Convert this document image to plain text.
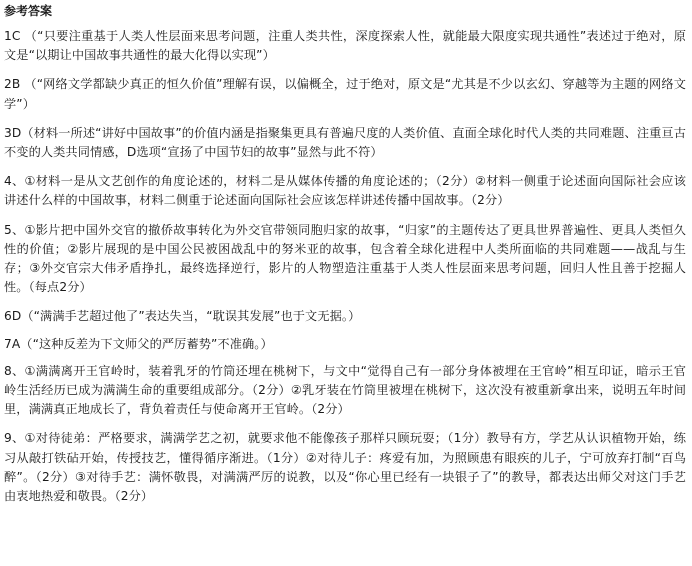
参考答案

1C （“只要注重基于人类人性层面来思考问题，注重人类共性，深度探索人性，就能最大限度实现共通性”表述过于绝对，原文是“以期让中国故事共通性的最大化得以实现”）

2B （“网络文学都缺少真正的恒久价值”理解有误，以偏概全，过于绝对，原文是“尤其是不少以玄幻、穿越等为主题的网络文学”）

3D（材料一所述“讲好中国故事”的价值内涵是指聚集更具有普遍尺度的人类价值、直面全球化时代人类的共同难题、注重亘古不变的人类共同情感，D选项“宣扬了中国节妇的故事”显然与此不符）

4、①材料一是从文艺创作的角度论述的，材料二是从媒体传播的角度论述的；（2分）②材料一侧重于论述面向国际社会应该讲述什么样的中国故事，材料二侧重于论述面向国际社会应该怎样讲述传播中国故事。（2分）

5、①影片把中国外交官的撤侨故事转化为外交官带领同胞归家的故事，“归家”的主题传达了更具世界普遍性、更具人类恒久性的价值；②影片展现的是中国公民被困战乱中的努米亚的故事，包含着全球化进程中人类所面临的共同难题——战乱与生存；③外交官宗大伟矛盾挣扎，最终选择逆行，影片的人物塑造注重基于人类人性层面来思考问题，回归人性且善于挖掘人性。（每点2分）

6D（“满满手艺超过他了”表达失当，“耽误其发展”也于文无据。）

7A（“这种反差为下文师父的严厉蓄势”不准确。）

8、①满满离开王官岭时，装着乳牙的竹筒还埋在桃树下，与文中“觉得自己有一部分身体被埋在王官岭”相互印证，暗示王官岭生活经历已成为满满生命的重要组成部分。（2分）②乳牙装在竹筒里被埋在桃树下，这次没有被重新拿出来，说明五年时间里，满满真正地成长了，背负着责任与使命离开王官岭。（2分）

9、①对待徒弟：严格要求，满满学艺之初，就要求他不能像孩子那样只顾玩耍；（1分）教导有方，学艺从认识植物开始，练习从敲打铁砧开始，传授技艺，懂得循序渐进。（1分）②对待儿子：疼爱有加，为照顾患有眼疾的儿子，宁可放弃打制“百鸟醉”。（2分）③对待手艺：满怀敬畏，对满满严厉的说教，以及“你心里已经有一块银子了”的教导，都表达出师父对这门手艺由衷地热爱和敬畏。（2分）
